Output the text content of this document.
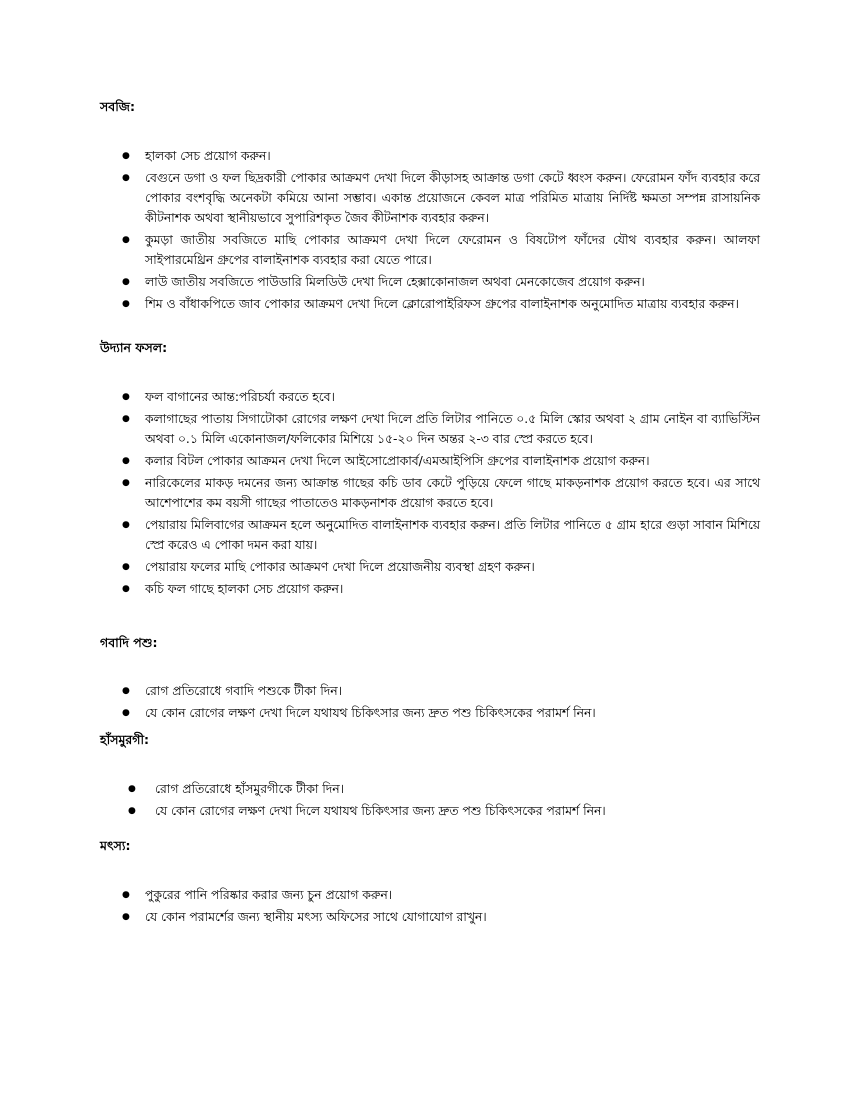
সবজি:

● হালকা সেচ প্রয়োগ করুন।
● বেগুনে ডগা ও ফল ছিদ্রকারী পোকার আক্রমণ দেখা দিলে কীড়াসহ আক্রান্ত ডগা কেটে ধ্বংস করুন। ফেরোমন ফাঁদ ব্যবহার করে পোকার বংশবৃদ্ধি অনেকটা কমিয়ে আনা সম্ভাব। একান্ত প্রয়োজনে কেবল মাত্র পরিমিত মাত্রায় নির্দিষ্ট ক্ষমতা সম্পন্ন রাসায়নিক কীটনাশক অথবা স্থানীয়ভাবে সুপারিশকৃত জৈব কীটনাশক ব্যবহার করুন।
● কুমড়া জাতীয় সবজিতে মাছি পোকার আক্রমণ দেখা দিলে ফেরোমন ও বিষটোপ ফাঁদের যৌথ ব্যবহার করুন। আলফা সাইপারমেথ্রিন গ্রুপের বালাইনাশক ব্যবহার করা যেতে পারে।
● লাউ জাতীয় সবজিতে পাউডারি মিলডিউ দেখা দিলে হেক্সাকোনাজল অথবা মেনকোজেব প্রয়োগ করুন।
● শিম ও বাঁধাকপিতে জাব পোকার আক্রমণ দেখা দিলে ক্লোরোপাইরিফস গ্রুপের বালাইনাশক অনুমোদিত মাত্রায় ব্যবহার করুন।

উদ্যান ফসল:

● ফল বাগানের আন্ত:পরিচর্যা করতে হবে।
● কলাগাছের পাতায় সিগাটোকা রোগের লক্ষণ দেখা দিলে প্রতি লিটার পানিতে ০.৫ মিলি স্কোর অথবা ২ গ্রাম নোইন বা ব্যাভিস্টিন অথবা ০.১ মিলি একোনাজল/ফলিকোর মিশিয়ে ১৫-২০ দিন অন্তর ২-৩ বার স্প্রে করতে হবে।
● কলার বিটল পোকার আক্রমন দেখা দিলে আইসোপ্রোকার্ব/এমআইপিসি গ্রুপের বালাইনাশক প্রয়োগ করুন।
● নারিকেলের মাকড় দমনের জন্য আক্রান্ত গাছের কচি ডাব কেটে পুড়িয়ে ফেলে গাছে মাকড়নাশক প্রয়োগ করতে হবে। এর সাথে আশেপাশের কম বয়সী গাছের পাতাতেও মাকড়নাশক প্রয়োগ করতে হবে।
● পেয়ারায় মিলিবাগের আক্রমন হলে অনুমোদিত বালাইনাশক ব্যবহার করুন। প্রতি লিটার পানিতে ৫ গ্রাম হারে গুড়া সাবান মিশিয়ে স্প্রে করেও এ পোকা দমন করা যায়।
● পেয়ারায় ফলের মাছি পোকার আক্রমণ দেখা দিলে প্রয়োজনীয় ব্যবস্থা গ্রহণ করুন।
● কচি ফল গাছে হালকা সেচ প্রয়োগ করুন।

গবাদি পশু:

● রোগ প্রতিরোধে গবাদি পশুকে টীকা দিন।
● যে কোন রোগের লক্ষণ দেখা দিলে যথাযথ চিকিৎসার জন্য দ্রুত পশু চিকিৎসকের পরামর্শ নিন।

হাঁসমুরগী:

● রোগ প্রতিরোধে হাঁসমুরগীকে টীকা দিন।
● যে কোন রোগের লক্ষণ দেখা দিলে যথাযথ চিকিৎসার জন্য দ্রুত পশু চিকিৎসকের পরামর্শ নিন।

মৎস্য:

● পুকুরের পানি পরিষ্কার করার জন্য চুন প্রয়োগ করুন।
● যে কোন পরামর্শের জন্য স্থানীয় মৎস্য অফিসের সাথে যোগাযোগ রাখুন।
